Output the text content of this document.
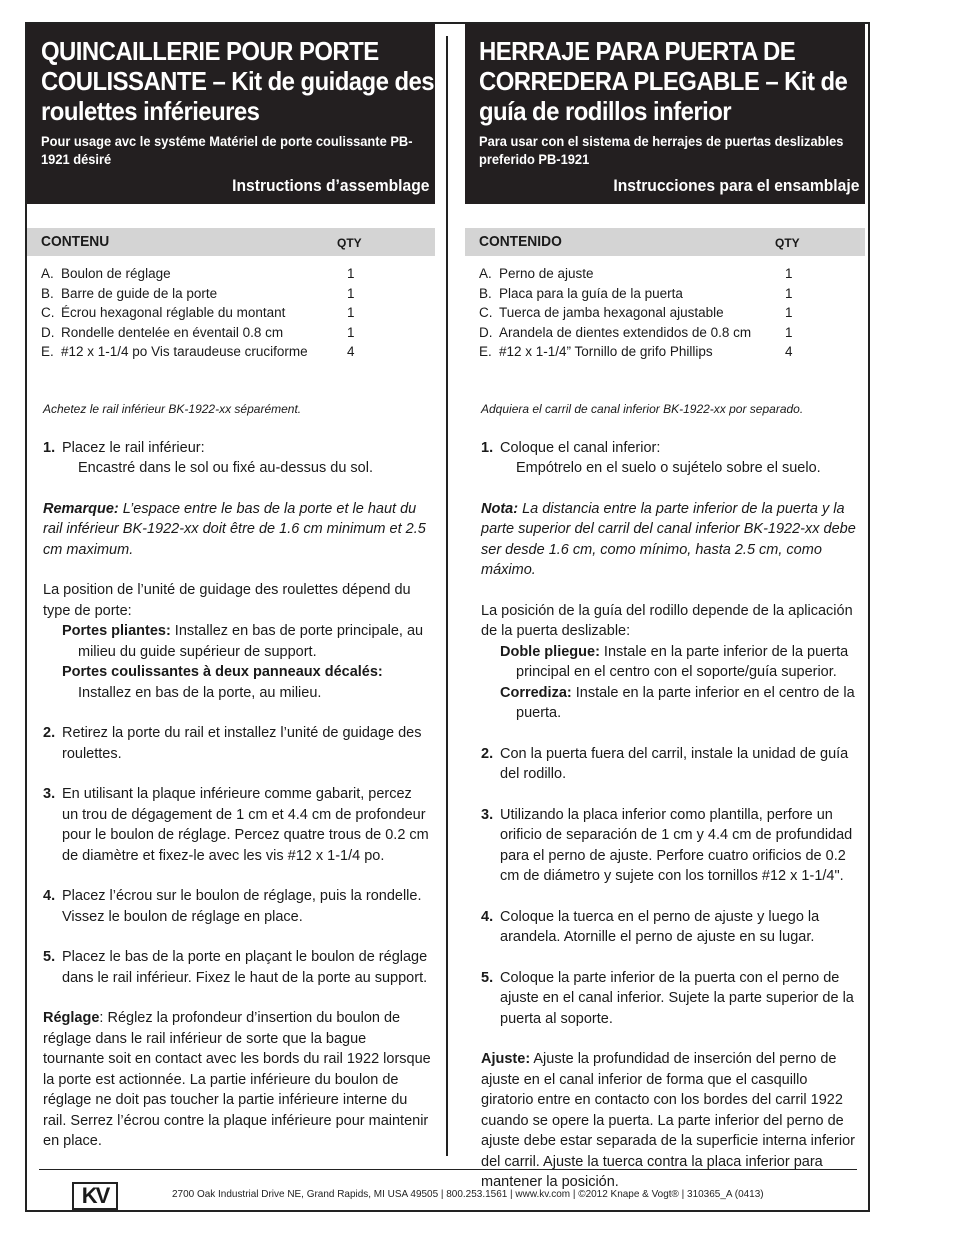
QUINCAILLERIE POUR PORTE COULISSANTE – Kit de guidage des roulettes inférieures
Pour usage avc le systéme Matériel de porte coulissante PB-1921 désiré
Instructions d’assemblage
CONTENU	QTY
A. Boulon de réglage	1
B. Barre de guide de la porte	1
C. Écrou hexagonal réglable du montant	1
D. Rondelle dentelée en éventail 0.8 cm	1
E. #12 x 1-1/4 po Vis taraudeuse cruciforme	4
Achetez le rail inférieur BK-1922-xx séparément.
1. Placez le rail inférieur:
Encastré dans le sol ou fixé au-dessus du sol.
Remarque: L’espace entre le bas de la porte et le haut du rail inférieur BK-1922-xx doit être de 1.6 cm minimum et 2.5 cm maximum.
La position de l’unité de guidage des roulettes dépend du type de porte:
Portes pliantes: Installez en bas de porte principale, au milieu du guide supérieur de support.
Portes coulissantes à deux panneaux décalés: Installez en bas de la porte, au milieu.
2. Retirez la porte du rail et installez l’unité de guidage des roulettes.
3. En utilisant la plaque inférieure comme gabarit, percez un trou de dégagement de 1 cm et 4.4 cm de profondeur pour le boulon de réglage. Percez quatre trous de 0.2 cm de diamètre et fixez-le avec les vis #12 x 1-1/4 po.
4. Placez l’écrou sur le boulon de réglage, puis la rondelle. Vissez le boulon de réglage en place.
5. Placez le bas de la porte en plaçant le boulon de réglage dans le rail inférieur. Fixez le haut de la porte au support.
Réglage: Réglez la profondeur d’insertion du boulon de réglage dans le rail inférieur de sorte que la bague tournante soit en contact avec les bords du rail 1922 lorsque la porte est actionnée. La partie inférieure du boulon de réglage ne doit pas toucher la partie inférieure interne du rail. Serrez l’écrou contre la plaque inférieure pour maintenir en place.
HERRAJE PARA PUERTA DE CORREDERA PLEGABLE – Kit de guía de rodillos inferior
Para usar con el sistema de herrajes de puertas deslizables preferido PB-1921
Instrucciones para el ensamblaje
CONTENIDO	QTY
A. Perno de ajuste	1
B. Placa para la guía de la puerta	1
C. Tuerca de jamba hexagonal ajustable	1
D. Arandela de dientes extendidos de 0.8 cm	1
E. #12 x 1-1/4” Tornillo de grifo Phillips	4
Adquiera el carril de canal inferior BK-1922-xx por separado.
1. Coloque el canal inferior:
Empótrelo en el suelo o sujételo sobre el suelo.
Nota: La distancia entre la parte inferior de la puerta y la parte superior del carril del canal inferior BK-1922-xx debe ser desde 1.6 cm, como mínimo, hasta 2.5 cm, como máximo.
La posición de la guía del rodillo depende de la aplicación de la puerta deslizable:
Doble pliegue: Instale en la parte inferior de la puerta principal en el centro con el soporte/guía superior.
Corrediza: Instale en la parte inferior en el centro de la puerta.
2. Con la puerta fuera del carril, instale la unidad de guía del rodillo.
3. Utilizando la placa inferior como plantilla, perfore un orificio de separación de 1 cm y 4.4 cm de profundidad para el perno de ajuste. Perfore cuatro orificios de 0.2 cm de diámetro y sujete con los tornillos #12 x 1-1/4".
4. Coloque la tuerca en el perno de ajuste y luego la arandela. Atornille el perno de ajuste en su lugar.
5. Coloque la parte inferior de la puerta con el perno de ajuste en el canal inferior. Sujete la parte superior de la puerta al soporte.
Ajuste: Ajuste la profundidad de inserción del perno de ajuste en el canal inferior de forma que el casquillo giratorio entre en contacto con los bordes del carril 1922 cuando se opere la puerta. La parte inferior del perno de ajuste debe estar separada de la superficie interna inferior del carril. Ajuste la tuerca contra la placa inferior para mantener la posición.
KV	2700 Oak Industrial Drive NE, Grand Rapids, MI USA 49505 | 800.253.1561 | www.kv.com | ©2012 Knape & Vogt® | 310365_A (0413)
